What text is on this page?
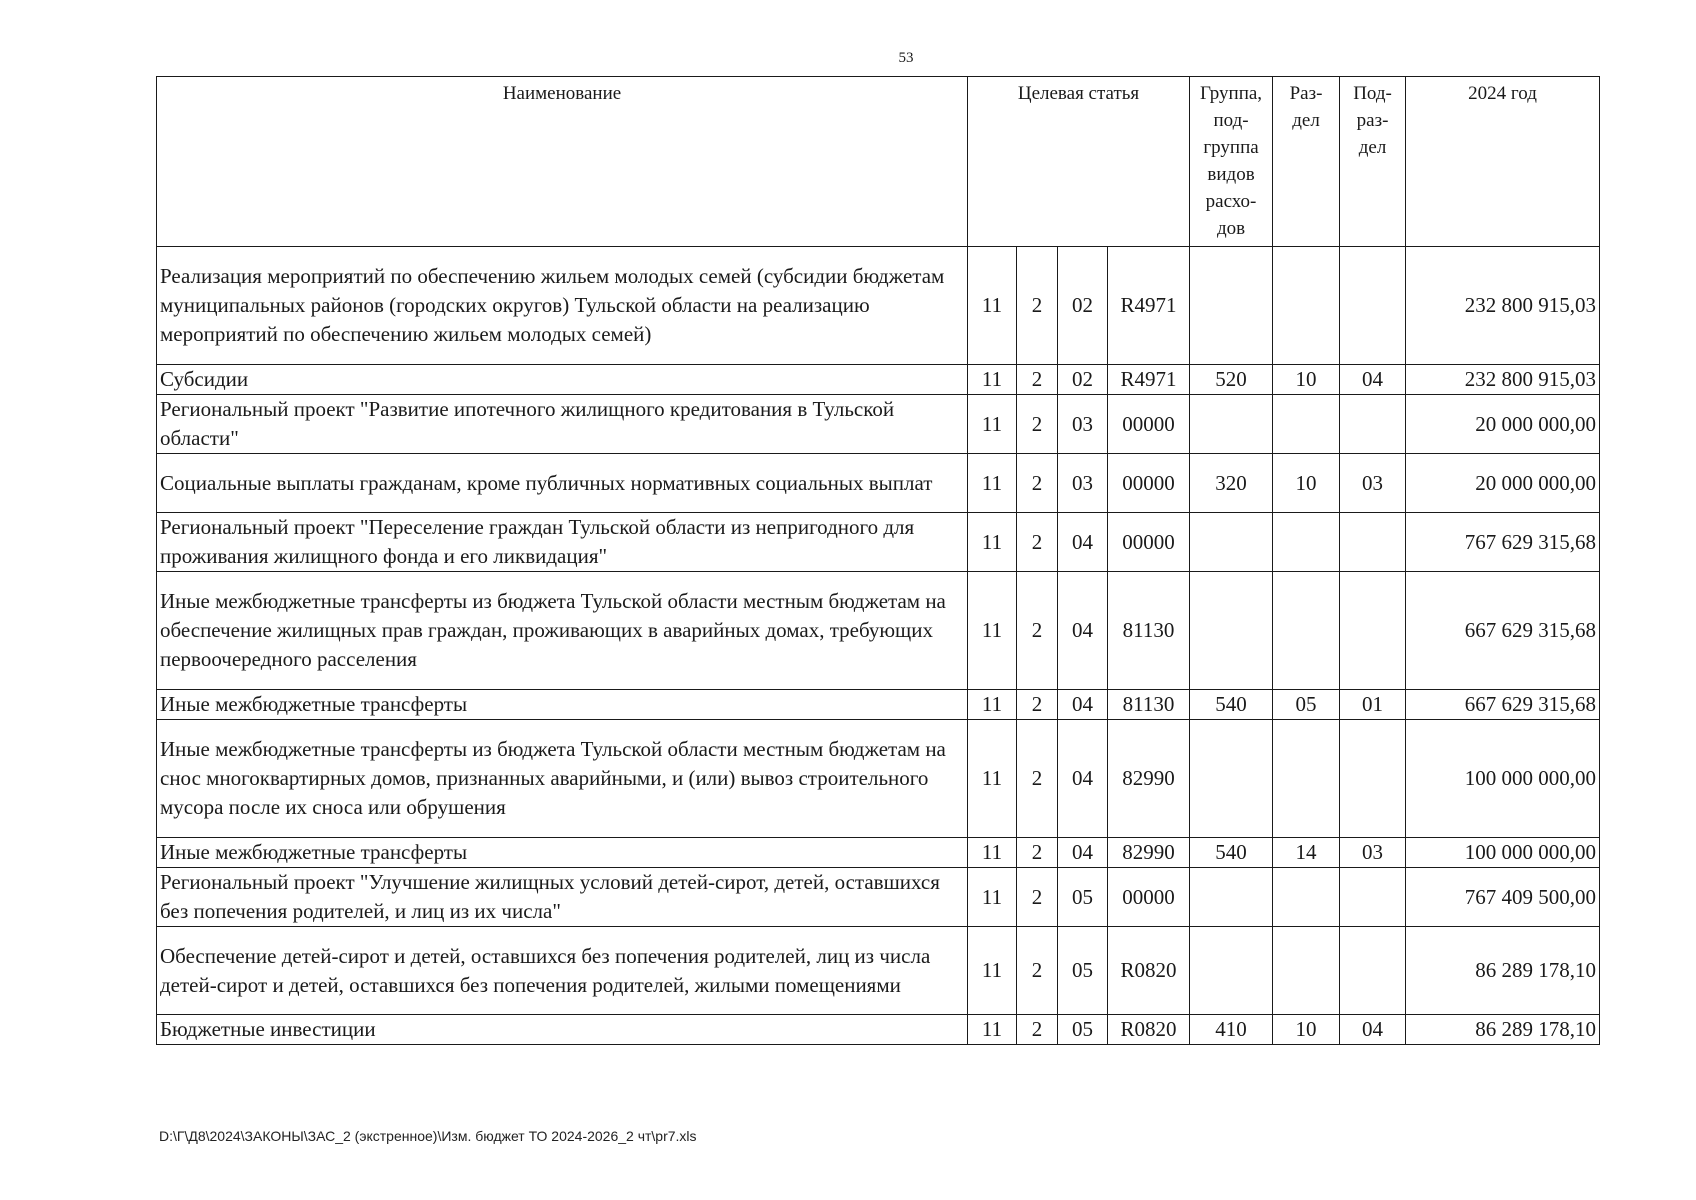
53
Наименование	Целевая статья				Группа, под-группа видов расхо-дов	Раз-дел	Под-раз-дел	2024 год
Реализация мероприятий по обеспечению жильем молодых семей (субсидии бюджетам муниципальных районов (городских округов) Тульской области на реализацию мероприятий по обеспечению жильем молодых семей)	11	2	02	R4971				232 800 915,03
Субсидии	11	2	02	R4971	520	10	04	232 800 915,03
Региональный проект "Развитие ипотечного жилищного кредитования в Тульской области"	11	2	03	00000				20 000 000,00
Социальные выплаты гражданам, кроме публичных нормативных социальных выплат	11	2	03	00000	320	10	03	20 000 000,00
Региональный проект "Переселение граждан Тульской области из непригодного для проживания жилищного фонда и его ликвидация"	11	2	04	00000				767 629 315,68
Иные межбюджетные трансферты из бюджета Тульской области местным бюджетам на обеспечение жилищных прав граждан, проживающих в аварийных домах, требующих первоочередного расселения	11	2	04	81130				667 629 315,68
Иные межбюджетные трансферты	11	2	04	81130	540	05	01	667 629 315,68
Иные межбюджетные трансферты из бюджета Тульской области местным бюджетам на снос многоквартирных домов, признанных аварийными, и (или) вывоз строительного мусора после их сноса или обрушения	11	2	04	82990				100 000 000,00
Иные межбюджетные трансферты	11	2	04	82990	540	14	03	100 000 000,00
Региональный проект "Улучшение жилищных условий детей-сирот, детей, оставшихся без попечения родителей, и лиц из их числа"	11	2	05	00000				767 409 500,00
Обеспечение детей-сирот и детей, оставшихся без попечения родителей, лиц из числа детей-сирот и детей, оставшихся без попечения родителей, жилыми помещениями	11	2	05	R0820				86 289 178,10
Бюджетные инвестиции	11	2	05	R0820	410	10	04	86 289 178,10
D:\Г\Д8\2024\ЗАКОНЫ\ЗАС_2 (экстренное)\Изм. бюджет ТО 2024-2026_2 чт\pr7.xls
